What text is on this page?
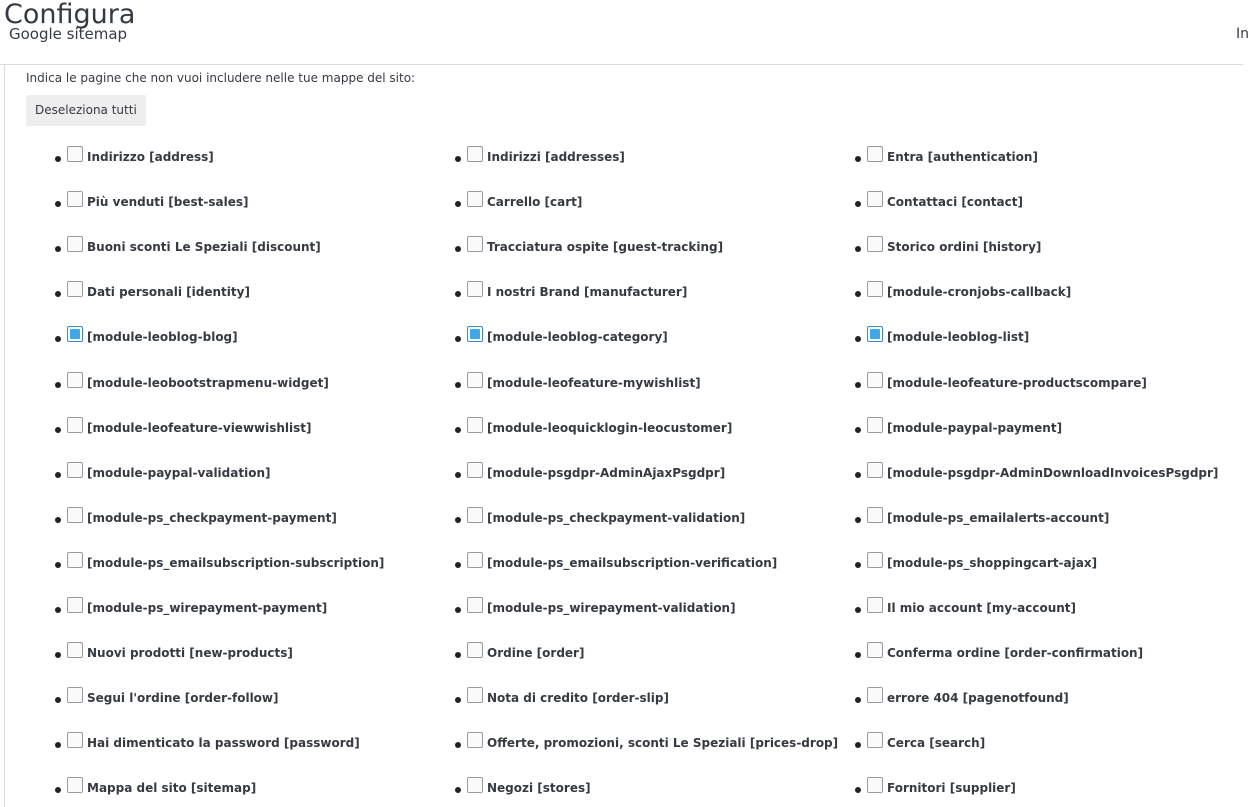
Configura
Google sitemap	In
Indica le pagine che non vuoi includere nelle tue mappe del sito:
Deseleziona tutti
Indirizzo [address]	Indirizzi [addresses]	Entra [authentication]
Più venduti [best-sales]	Carrello [cart]	Contattaci [contact]
Buoni sconti Le Speziali [discount]	Tracciatura ospite [guest-tracking]	Storico ordini [history]
Dati personali [identity]	I nostri Brand [manufacturer]	[module-cronjobs-callback]
[module-leoblog-blog]	[module-leoblog-category]	[module-leoblog-list]
[module-leobootstrapmenu-widget]	[module-leofeature-mywishlist]	[module-leofeature-productscompare]
[module-leofeature-viewwishlist]	[module-leoquicklogin-leocustomer]	[module-paypal-payment]
[module-paypal-validation]	[module-psgdpr-AdminAjaxPsgdpr]	[module-psgdpr-AdminDownloadInvoicesPsgdpr]
[module-ps_checkpayment-payment]	[module-ps_checkpayment-validation]	[module-ps_emailalerts-account]
[module-ps_emailsubscription-subscription]	[module-ps_emailsubscription-verification]	[module-ps_shoppingcart-ajax]
[module-ps_wirepayment-payment]	[module-ps_wirepayment-validation]	Il mio account [my-account]
Nuovi prodotti [new-products]	Ordine [order]	Conferma ordine [order-confirmation]
Segui l'ordine [order-follow]	Nota di credito [order-slip]	errore 404 [pagenotfound]
Hai dimenticato la password [password]	Offerte, promozioni, sconti Le Speziali [prices-drop]	Cerca [search]
Mappa del sito [sitemap]	Negozi [stores]	Fornitori [supplier]
